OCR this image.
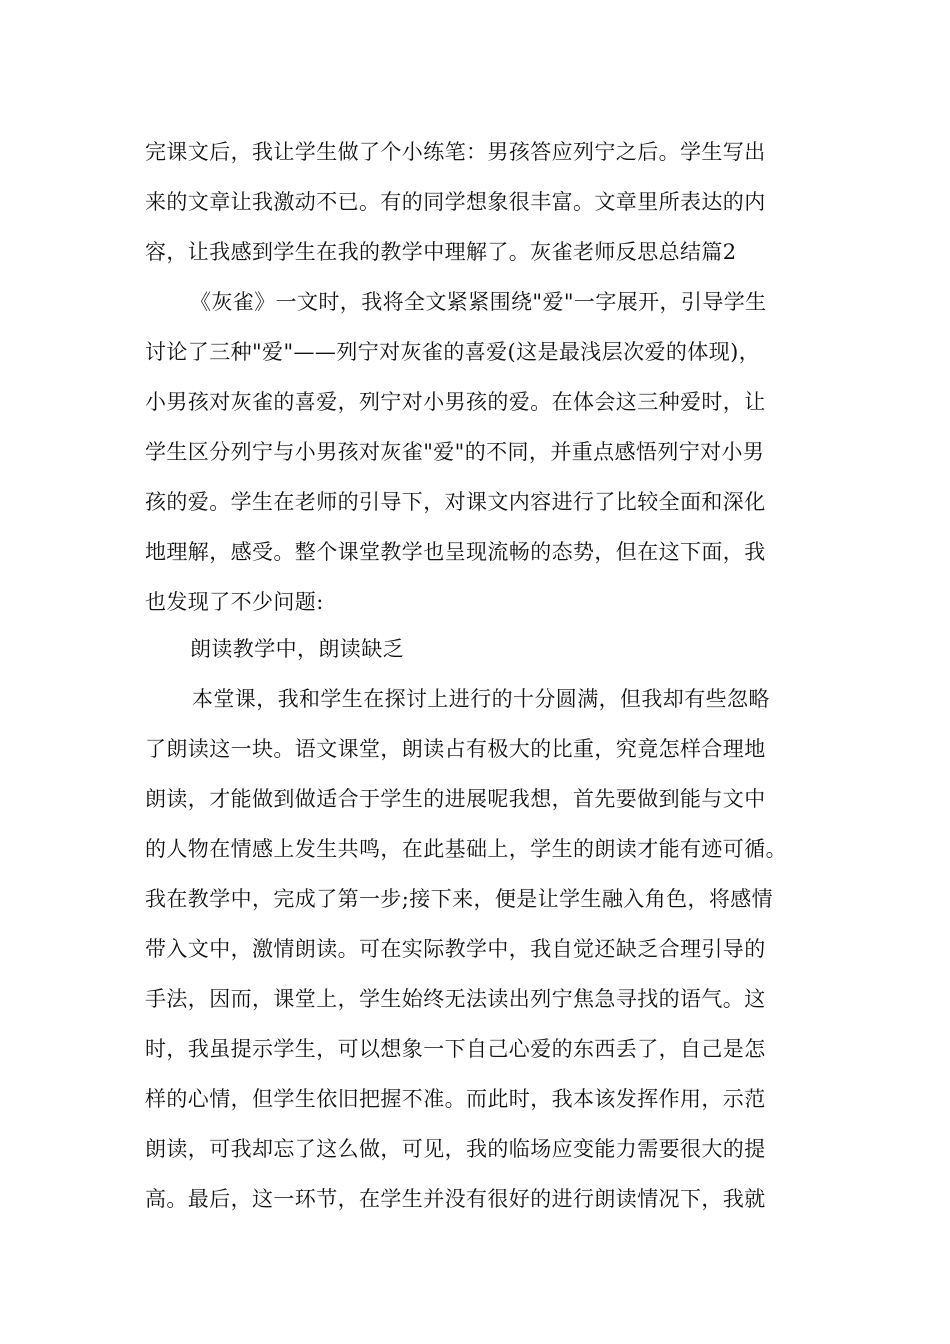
完课文后，我让学生做了个小练笔：男孩答应列宁之后。学生写出
来的文章让我激动不已。有的同学想象很丰富。文章里所表达的内
容，让我感到学生在我的教学中理解了。灰雀老师反思总结篇2
《灰雀》一文时，我将全文紧紧围绕"爱"一字展开，引导学生
讨论了三种"爱"——列宁对灰雀的喜爱(这是最浅层次爱的体现)，
小男孩对灰雀的喜爱，列宁对小男孩的爱。在体会这三种爱时，让
学生区分列宁与小男孩对灰雀"爱"的不同，并重点感悟列宁对小男
孩的爱。学生在老师的引导下，对课文内容进行了比较全面和深化
地理解，感受。整个课堂教学也呈现流畅的态势，但在这下面，我
也发现了不少问题:
朗读教学中，朗读缺乏
本堂课，我和学生在探讨上进行的十分圆满，但我却有些忽略
了朗读这一块。语文课堂，朗读占有极大的比重，究竟怎样合理地
朗读，才能做到做适合于学生的进展呢我想，首先要做到能与文中
的人物在情感上发生共鸣，在此基础上，学生的朗读才能有迹可循。
我在教学中，完成了第一步;接下来，便是让学生融入角色，将感情
带入文中，激情朗读。可在实际教学中，我自觉还缺乏合理引导的
手法，因而，课堂上，学生始终无法读出列宁焦急寻找的语气。这
时，我虽提示学生，可以想象一下自己心爱的东西丢了，自己是怎
样的心情，但学生依旧把握不准。而此时，我本该发挥作用，示范
朗读，可我却忘了这么做，可见，我的临场应变能力需要很大的提
高。最后，这一环节，在学生并没有很好的进行朗读情况下，我就
